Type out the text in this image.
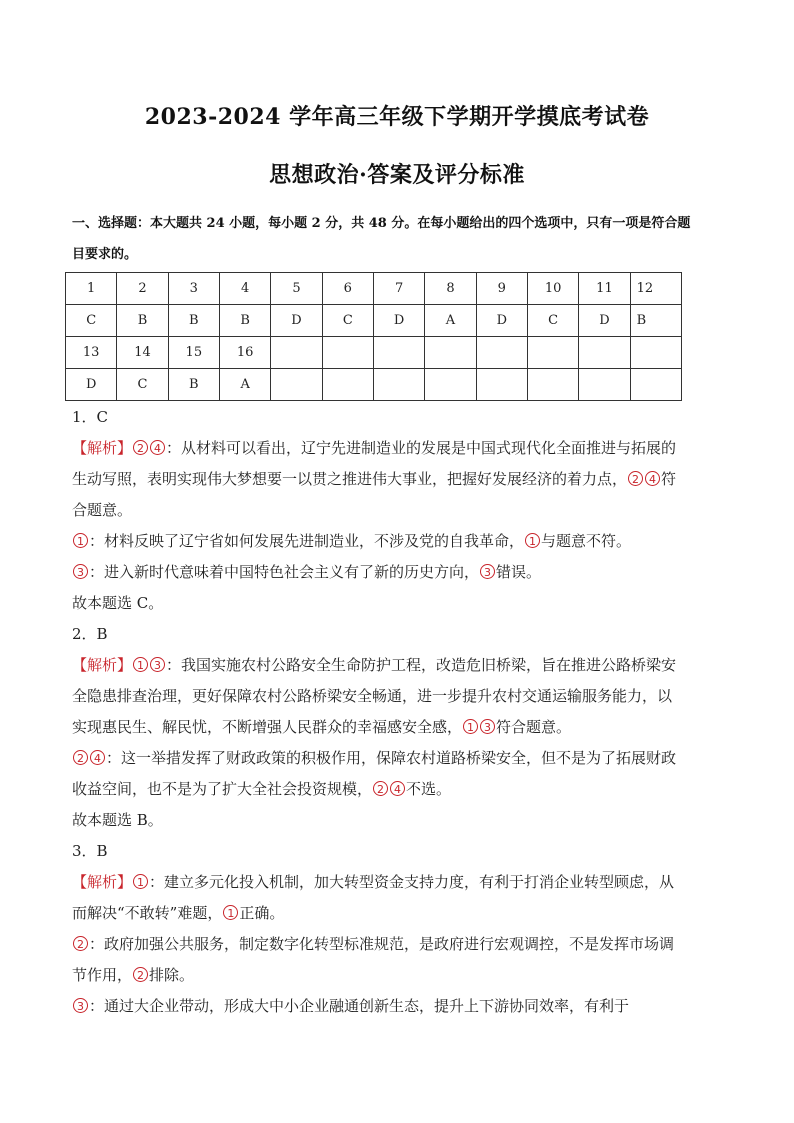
2023-2024 学年高三年级下学期开学摸底考试卷
思想政治·答案及评分标准
一、选择题：本大题共 24 小题，每小题 2 分，共 48 分。在每小题给出的四个选项中，只有一项是符合题目要求的。
1	2	3	4	5	6	7	8	9	10	11	12
C	B	B	B	D	C	D	A	D	C	D	B
13	14	15	16								
D	C	B	A								

1．C

【解析】 2 4 ：从材料可以看出，辽宁先进制造业的发展是中国式现代化全面推进与拓展的生动写照，表明实现伟大梦想要一以贯之推进伟大事业，把握好发展经济的着力点， 2 4 符合题意。

1 ：材料反映了辽宁省如何发展先进制造业，不涉及党的自我革命， 1 与题意不符。

3 ：进入新时代意味着中国特色社会主义有了新的历史方向， 3 错误。

故本题选 C。

2．B

【解析】 1 3 ：我国实施农村公路安全生命防护工程，改造危旧桥梁，旨在推进公路桥梁安全隐患排查治理，更好保障农村公路桥梁安全畅通，进一步提升农村交通运输服务能力，以实现惠民生、解民忧，不断增强人民群众的幸福感安全感， 1 3 符合题意。

2 4 ：这一举措发挥了财政政策的积极作用，保障农村道路桥梁安全，但不是为了拓展财政收益空间，也不是为了扩大全社会投资规模， 2 4 不选。

故本题选 B。

3．B

【解析】 1 ：建立多元化投入机制，加大转型资金支持力度，有利于打消企业转型顾虑，从而解决“不敢转”难题， 1 正确。

2 ：政府加强公共服务，制定数字化转型标准规范，是政府进行宏观调控，不是发挥市场调节作用， 2 排除。

3 ：通过大企业带动，形成大中小企业融通创新生态，提升上下游协同效率，有利于
